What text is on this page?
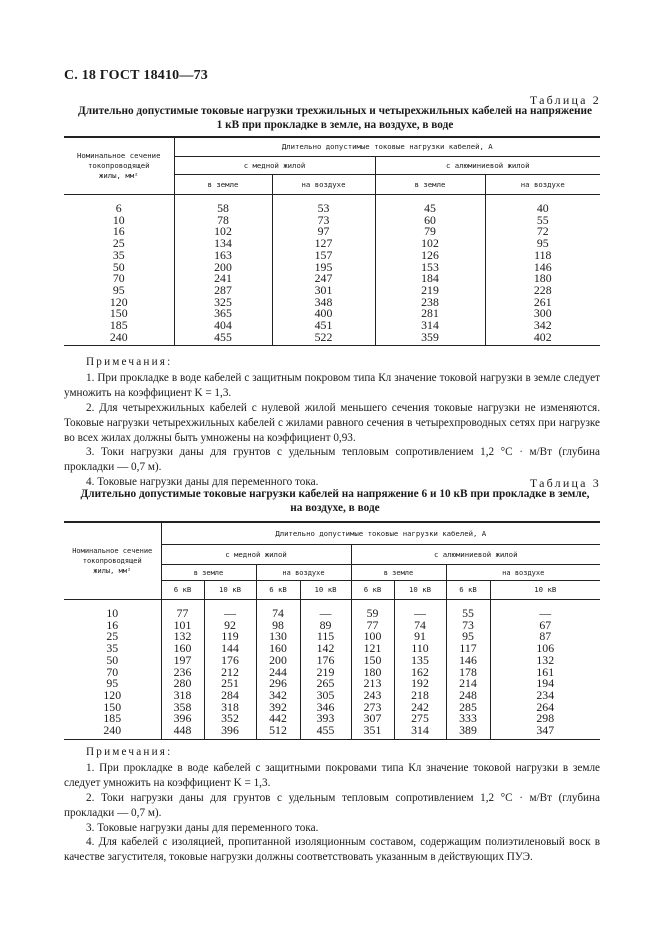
С. 18 ГОСТ 18410—73
Таблица 2
Длительно допустимые токовые нагрузки трехжильных и четырехжильных кабелей на напряжение
1 кВ при прокладке в земле, на воздухе, в воде
Номинальное сечение токопроводящей жилы, мм²	Длительно допустимые токовые нагрузки кабелей, А			
	с медной жилой		с алюминиевой жилой	
	в земле	на воздухе	в земле	на воздухе

6	58	53	45	40
10	78	73	60	55
16	102	97	79	72
25	134	127	102	95
35	163	157	126	118
50	200	195	153	146
70	241	247	184	180
95	287	301	219	228
120	325	348	238	261
150	365	400	281	300
185	404	451	314	342
240	455	522	359	402

Примечания:

1. При прокладке в воде кабелей с защитным покровом типа Кл значение токовой нагрузки в земле следует умножить на коэффициент K = 1,3.

2. Для четырехжильных кабелей с нулевой жилой меньшего сечения токовые нагрузки не изменяются. Токовые нагрузки четырехжильных кабелей с жилами равного сечения в четырехпроводных сетях при нагрузке во всех жилах должны быть умножены на коэффициент 0,93.

3. Токи нагрузки даны для грунтов с удельным тепловым сопротивлением 1,2 °С · м/Вт (глубина прокладки — 0,7 м).

4. Токовые нагрузки даны для переменного тока.	Таблица 3
Длительно допустимые токовые нагрузки кабелей на напряжение 6 и 10 кВ при прокладке в земле,
на воздухе, в воде
Номинальное сечение токопроводящей жилы, мм²	Длительно допустимые токовые нагрузки кабелей, А							
	с медной жилой				с алюминиевой жилой			
	в земле		на воздухе		в земле		на воздухе	
	6 кВ	10 кВ	6 кВ	10 кВ	6 кВ	10 кВ	6 кВ	10 кВ

10	77	—	74	—	59	—	55	—
16	101	92	98	89	77	74	73	67
25	132	119	130	115	100	91	95	87
35	160	144	160	142	121	110	117	106
50	197	176	200	176	150	135	146	132
70	236	212	244	219	180	162	178	161
95	280	251	296	265	213	192	214	194
120	318	284	342	305	243	218	248	234
150	358	318	392	346	273	242	285	264
185	396	352	442	393	307	275	333	298
240	448	396	512	455	351	314	389	347

Примечания:

1. При прокладке в воде кабелей с защитными покровами типа Кл значение токовой нагрузки в земле следует умножить на коэффициент K = 1,3.

2. Токи нагрузки даны для грунтов с удельным тепловым сопротивлением 1,2 °С · м/Вт (глубина прокладки — 0,7 м).

3. Токовые нагрузки даны для переменного тока.

4. Для кабелей с изоляцией, пропитанной изоляционным составом, содержащим полиэтиленовый воск в качестве загустителя, токовые нагрузки должны соответствовать указанным в действующих ПУЭ.
